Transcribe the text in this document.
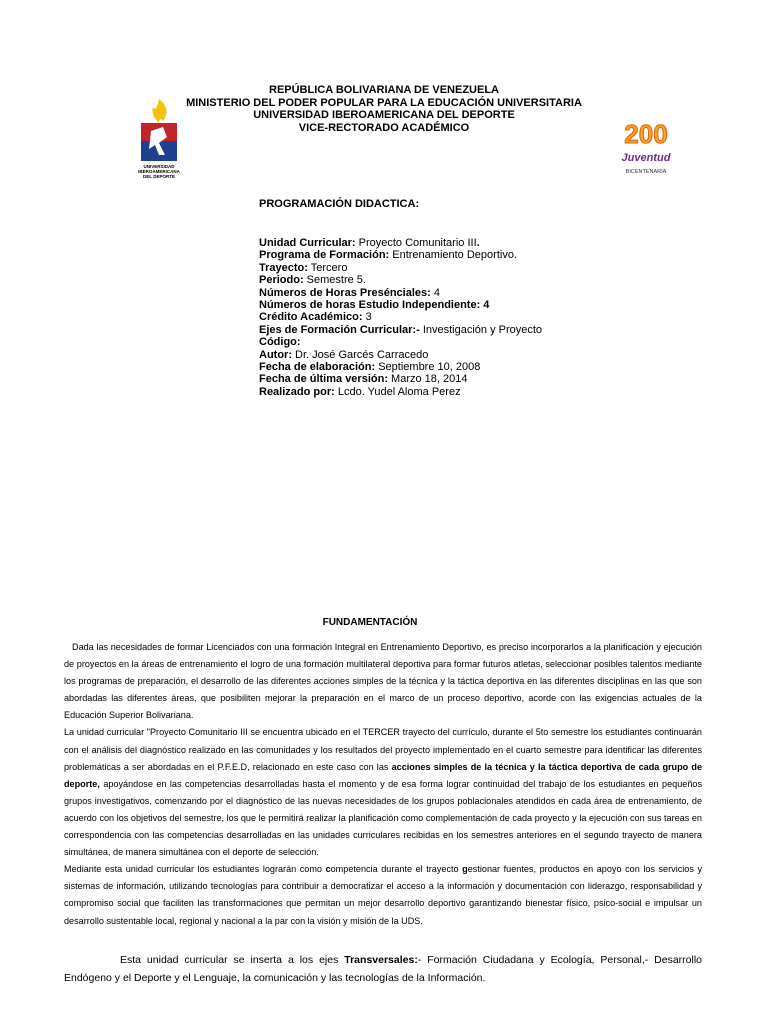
REPÚBLICA BOLIVARIANA DE VENEZUELA
MINISTERIO DEL PODER POPULAR PARA LA EDUCACIÓN UNIVERSITARIA
UNIVERSIDAD IBEROAMERICANA DEL DEPORTE
VICE-RECTORADO ACADÉMICO
UNIVERSIDAD
IBEROAMERICANA
DEL DEPORTE
200
Juventud
BICENTENARIA
PROGRAMACIÓN DIDACTICA:
Unidad Curricular: Proyecto Comunitario III.
Programa de Formación: Entrenamiento Deportivo.
Trayecto: Tercero
Periodo: Semestre 5.
Números de Horas Presénciales: 4
Números de horas Estudio Independiente: 4
Crédito Académico: 3
Ejes de Formación Curricular:- Investigación y Proyecto
Código:
Autor: Dr. José Garcés Carracedo
Fecha de elaboración: Septiembre 10, 2008
Fecha de última versión: Marzo 18, 2014
Realizado por: Lcdo. Yudel Aloma Perez
FUNDAMENTACIÓN

Dada las necesidades de formar Licenciados con una formación Integral en Entrenamiento Deportivo, es preciso incorporarlos a la planificación y ejecución de proyectos en la áreas de entrenamiento el logro de una formación multilateral deportiva para formar futuros atletas, seleccionar posibles talentos mediante los programas de preparación, el desarrollo de las diferentes acciones simples de la técnica y la táctica deportiva en las diferentes disciplinas en las que son abordadas las diferentes áreas, que posibiliten mejorar la preparación en el marco de un proceso deportivo, acorde con las exigencias actuales de la Educación Superior Bolivariana.

La unidad curricular "Proyecto Comunitario III se encuentra ubicado en el TERCER trayecto del currículo, durante el 5to semestre los estudiantes continuarán con el análisis del diagnóstico realizado en las comunidades y los resultados del proyecto implementado en el cuarto semestre para identificar las diferentes problemáticas a ser abordadas en el P.F.E.D, relacionado en este caso con las acciones simples de la técnica y la táctica deportiva de cada grupo de deporte, apoyándose en las competencias desarrolladas hasta el momento y de esa forma lograr continuidad del trabajo de los estudiantes en pequeños grupos investigativos, comenzando por el diagnóstico de las nuevas necesidades de los grupos poblacionales atendidos en cada área de entrenamiento, de acuerdo con los objetivos del semestre, los que le permitirá realizar la planificación como complementación de cada proyecto y la ejecución con sus tareas en correspondencia con las competencias desarrolladas en las unidades curriculares recibidas en los semestres anteriores en el segundo trayecto de manera simultánea, de manera simultánea con el deporte de selección.

Mediante esta unidad curricular los estudiantes lograrán como competencia durante el trayecto gestionar fuentes, productos en apoyo con los servicios y sistemas de información, utilizando tecnologías para contribuir a democratizar el acceso a la información y documentación con liderazgo, responsabilidad y compromiso social que faciliten las transformaciones que permitan un mejor desarrollo deportivo garantizando bienestar físico, psico-social e impulsar un desarrollo sustentable local, regional y nacional a la par con la visión y misión de la UDS.

Esta unidad curricular se inserta a los ejes Transversales:- Formación Ciudadana y Ecología, Personal,- Desarrollo Endógeno y el Deporte y el Lenguaje, la comunicación y las tecnologías de la Información.
